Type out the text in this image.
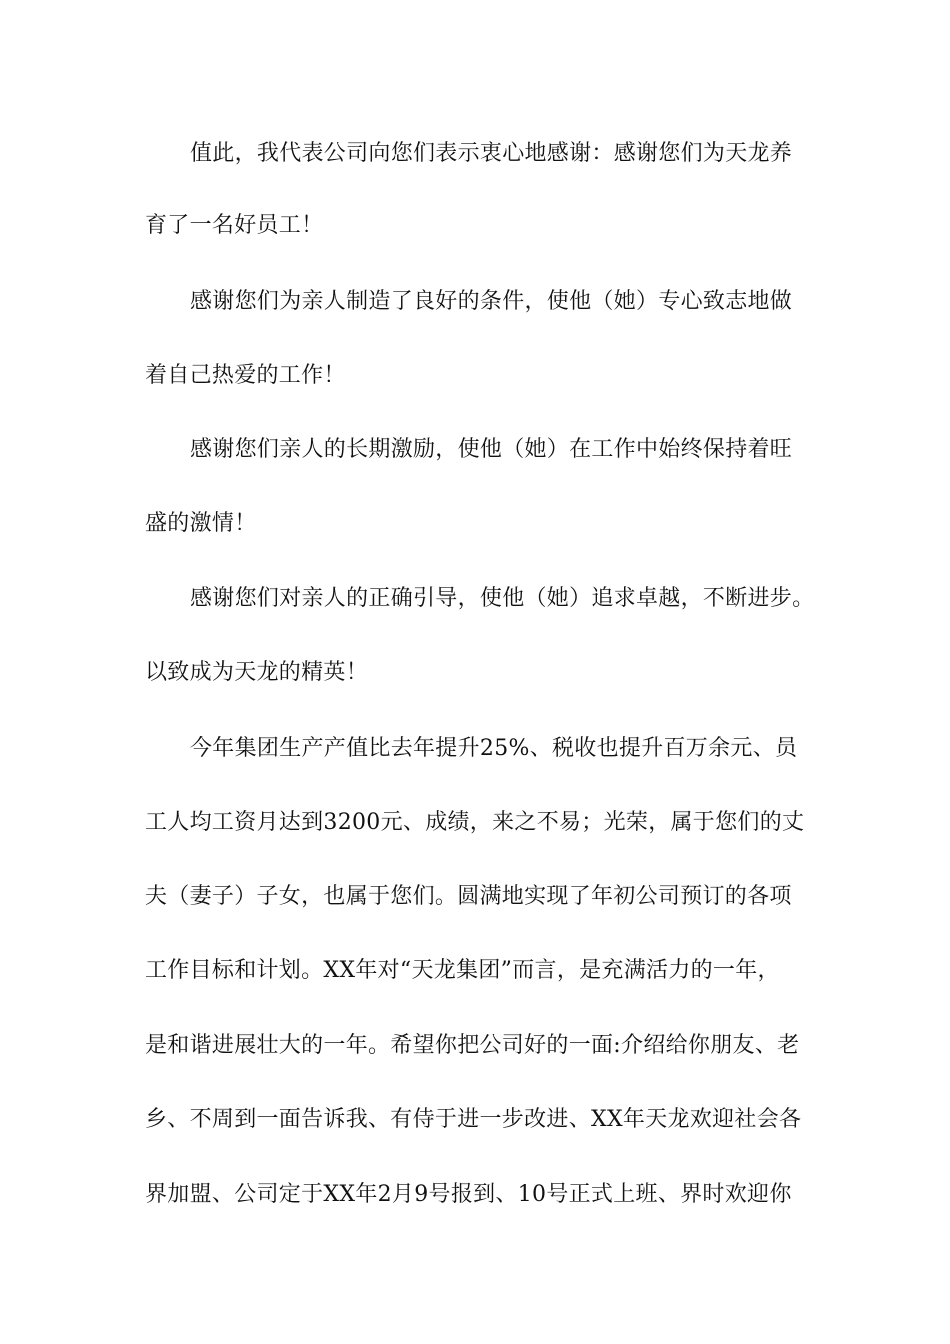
值此，我代表公司向您们表示衷心地感谢：感谢您们为天龙养
育了一名好员工！
感谢您们为亲人制造了良好的条件，使他（她）专心致志地做
着自己热爱的工作！
感谢您们亲人的长期激励，使他（她）在工作中始终保持着旺
盛的激情！
感谢您们对亲人的正确引导，使他（她）追求卓越，不断进步。
以致成为天龙的精英！
今年集团生产产值比去年提升25%、税收也提升百万余元、员
工人均工资月达到3200元、成绩，来之不易；光荣，属于您们的丈
夫（妻子）子女，也属于您们。圆满地实现了年初公司预订的各项
工作目标和计划。XX年对“天龙集团”而言，是充满活力的一年，
是和谐进展壮大的一年。希望你把公司好的一面:介绍给你朋友、老
乡、不周到一面告诉我、有侍于进一步改进、XX年天龙欢迎社会各
界加盟、公司定于XX年2月9号报到、10号正式上班、界时欢迎你
